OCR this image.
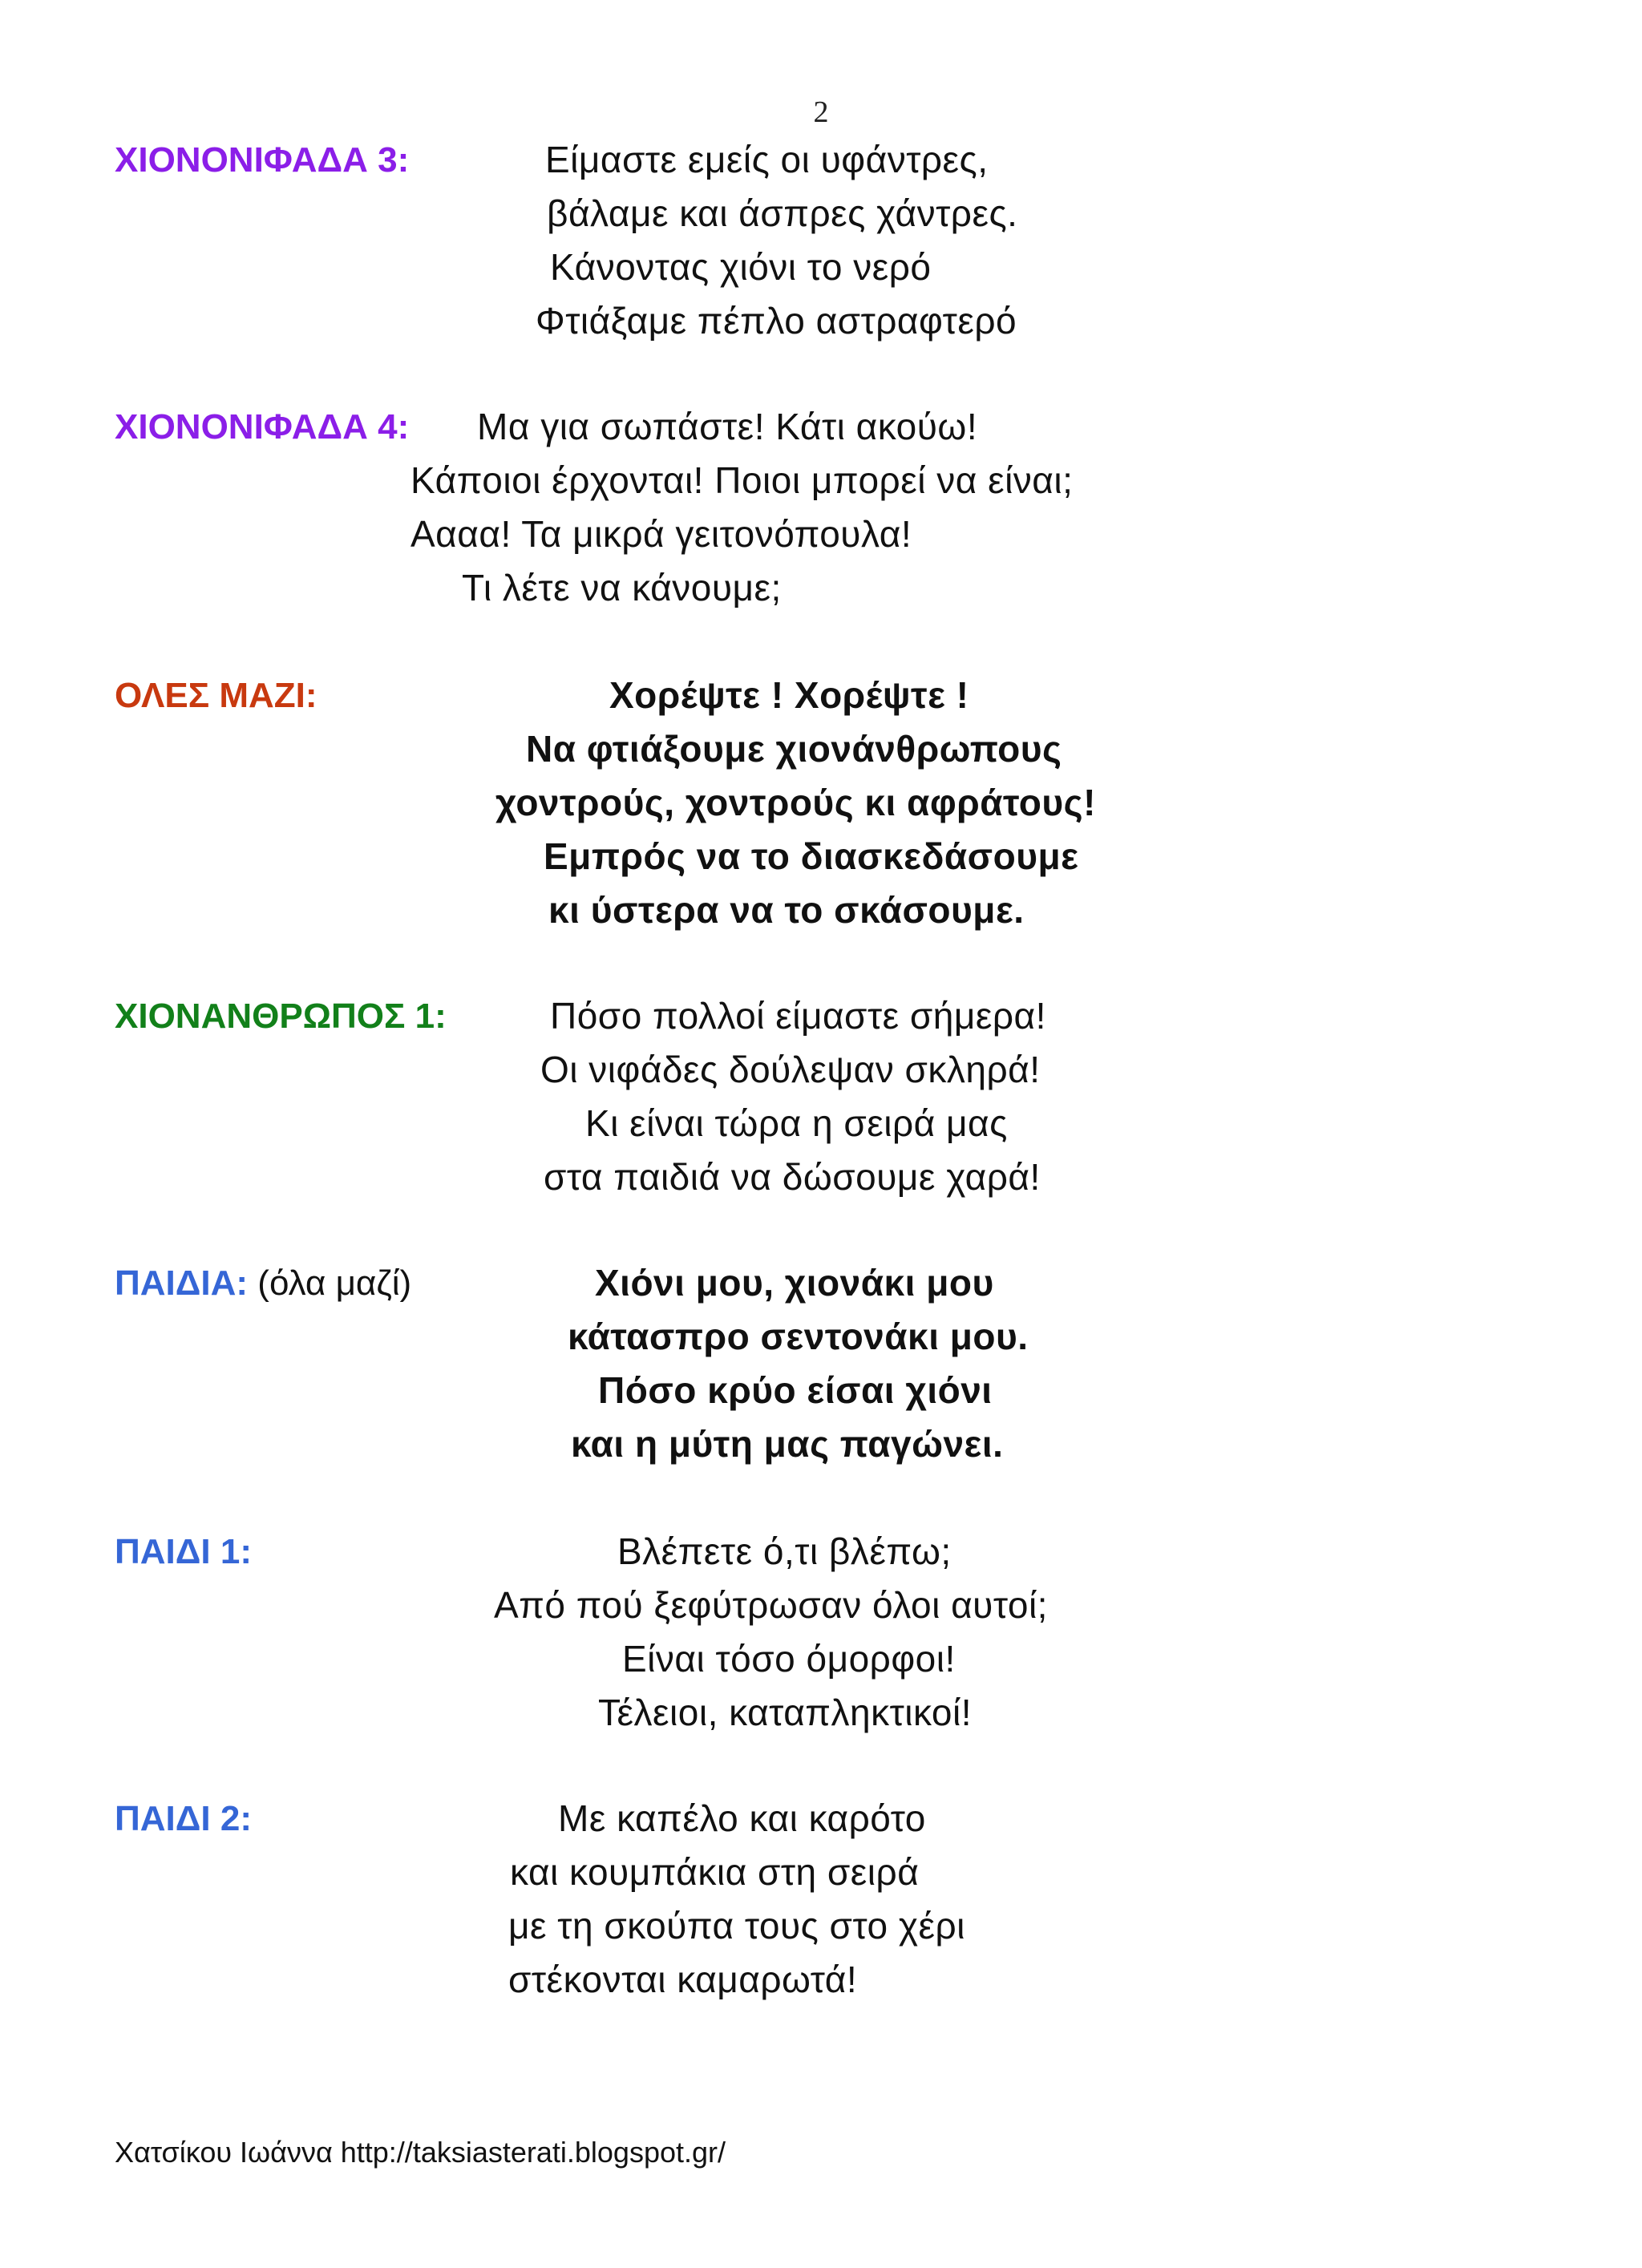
2
ΧΙΟΝΟΝΙΦΑΔΑ 3:	Είμαστε εμείς οι υφάντρες,
βάλαμε και άσπρες χάντρες.
Κάνοντας χιόνι το νερό
Φτιάξαμε πέπλο αστραφτερό
ΧΙΟΝΟΝΙΦΑΔΑ 4: Μα για σωπάστε! Κάτι ακούω!
Κάποιοι έρχονται! Ποιοι μπορεί να είναι;
Αααα! Τα μικρά γειτονόπουλα!
Τι λέτε να κάνουμε;
ΟΛΕΣ ΜΑΖΙ:	Χορέψτε ! Χορέψτε !
Να φτιάξουμε χιονάνθρωπους
χοντρούς, χοντρούς κι αφράτους!
Εμπρός να το διασκεδάσουμε
κι ύστερα να το σκάσουμε.
ΧΙΟΝΑΝΘΡΩΠΟΣ 1:	Πόσο πολλοί είμαστε σήμερα!
Οι νιφάδες δούλεψαν σκληρά!
Κι είναι τώρα η σειρά μας
στα παιδιά να δώσουμε χαρά!
ΠΑΙΔΙΑ: (όλα μαζί)	Χιόνι μου, χιονάκι μου
κάτασπρο σεντονάκι μου.
Πόσο κρύο είσαι χιόνι
και η μύτη μας παγώνει.
ΠΑΙΔΙ 1:	Βλέπετε ό,τι βλέπω;
Από πού ξεφύτρωσαν όλοι αυτοί;
Είναι τόσο όμορφοι!
Τέλειοι, καταπληκτικοί!
ΠΑΙΔΙ 2:	Με καπέλο και καρότο
και κουμπάκια στη σειρά
με τη σκούπα τους στο χέρι
στέκονται καμαρωτά!
Χατσίκου Ιωάννα http://taksiasterati.blogspot.gr/
